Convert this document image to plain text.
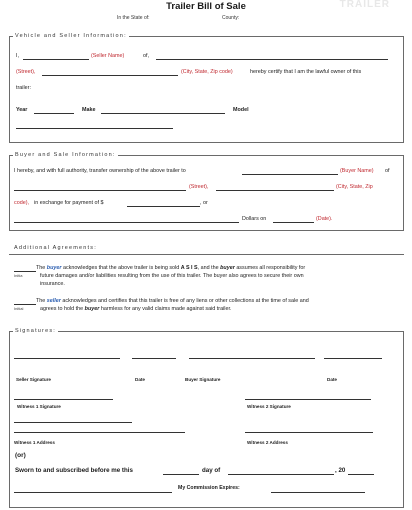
Trailer Bill of Sale	TRAILER
In the State of:	County:
Vehicle and Seller Information:
I,	(Seller Name)	of,
(Street),	(City, State, Zip code)	hereby certify that I am the lawful owner of this
trailer:
Year	Make	Model
Buyer and Sale Information:
I hereby, and with full authority, transfer ownership of the above trailer to	(Buyer Name) of
(Street),	(City, State, Zip
code), in exchange for payment of $	, or
Dollars on	(Date).
Additional Agreements:
Initia
The buyer acknowledges that the above trailer is being sold A S I S, and the buyer assumes all responsibility for
future damages and/or liabilities resulting from the use of this trailer. The buyer also agrees to secure their own
insurance.
Initial
The seller acknowledges and certifies that this trailer is free of any liens or other collections at the time of sale and
agrees to hold the buyer harmless for any valid claims made against said trailer.
Signatures:
Seller Signature	Date	Buyer Signature	Date
Witness 1 Signature	Witness 2 Signature
Witness 1 Address	Witness 2 Address
(or)
Sworn to and subscribed before me this	day of	, 20
My Commission Expires:
